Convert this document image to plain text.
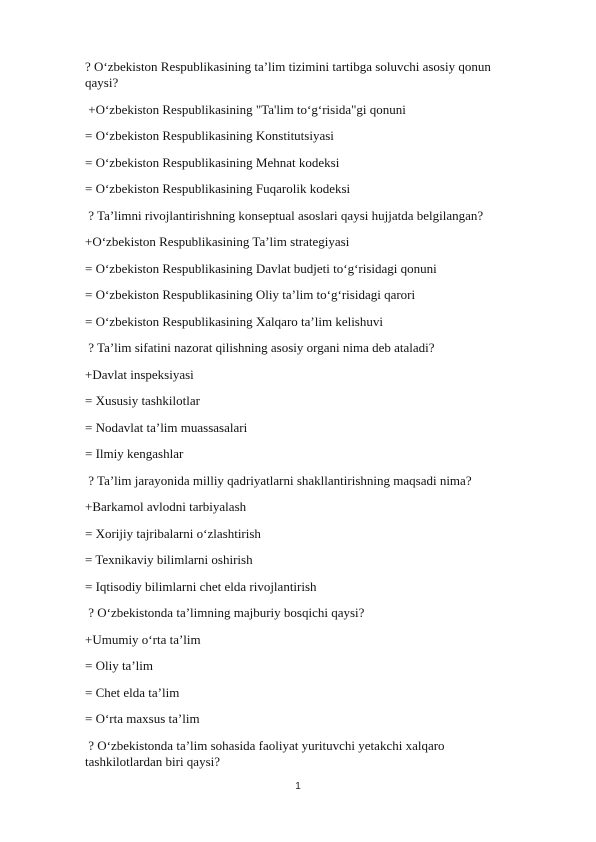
? O‘zbekiston Respublikasining ta’lim tizimini tartibga soluvchi asosiy qonun qaysi?

+O‘zbekiston Respublikasining "Ta'lim to‘g‘risida"gi qonuni

= O‘zbekiston Respublikasining Konstitutsiyasi

= O‘zbekiston Respublikasining Mehnat kodeksi

= O‘zbekiston Respublikasining Fuqarolik kodeksi

? Ta’limni rivojlantirishning konseptual asoslari qaysi hujjatda belgilangan?

+O‘zbekiston Respublikasining Ta’lim strategiyasi

= O‘zbekiston Respublikasining Davlat budjeti to‘g‘risidagi qonuni

= O‘zbekiston Respublikasining Oliy ta’lim to‘g‘risidagi qarori

= O‘zbekiston Respublikasining Xalqaro ta’lim kelishuvi

? Ta’lim sifatini nazorat qilishning asosiy organi nima deb ataladi?

+Davlat inspeksiyasi

= Xususiy tashkilotlar

= Nodavlat ta’lim muassasalari

= Ilmiy kengashlar

? Ta’lim jarayonida milliy qadriyatlarni shakllantirishning maqsadi nima?

+Barkamol avlodni tarbiyalash

= Xorijiy tajribalarni o‘zlashtirish

= Texnikaviy bilimlarni oshirish

= Iqtisodiy bilimlarni chet elda rivojlantirish

? O‘zbekistonda ta’limning majburiy bosqichi qaysi?

+Umumiy o‘rta ta’lim

= Oliy ta’lim

= Chet elda ta’lim

= O‘rta maxsus ta’lim

? O‘zbekistonda ta’lim sohasida faoliyat yurituvchi yetakchi xalqaro tashkilotlardan biri qaysi?

1
